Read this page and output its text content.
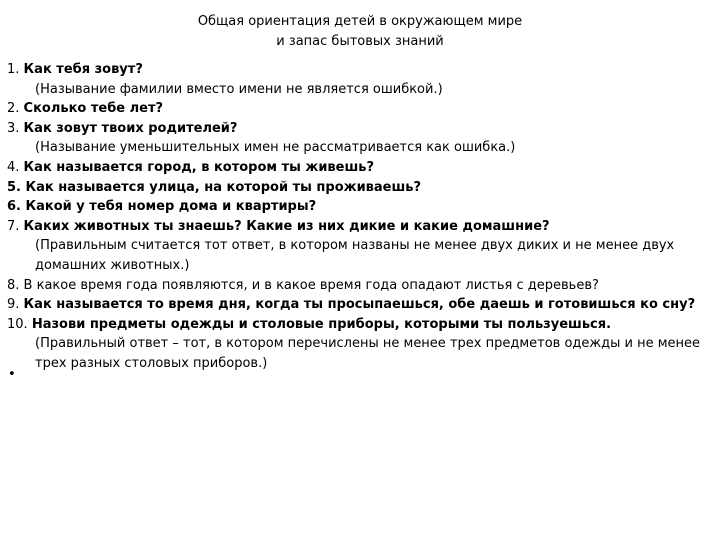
Общая ориентация детей в окружающем мире
и запас бытовых знаний
1. Как тебя зовут?
(Называние фамилии вместо имени не является ошибкой.)
2. Сколько тебе лет?
3. Как зовут твоих родителей?
(Называние уменьшительных имен не рассматривается как ошибка.)
4. Как называется город, в котором ты живешь?
5. Как называется улица, на которой ты проживаешь?
6. Какой у тебя номер дома и квартиры?
7. Каких животных ты знаешь? Какие из них дикие и какие домашние?
(Правильным считается тот ответ, в котором названы не менее двух диких и не менее двух
домашних животных.)
8. В какое время года появляются, и в какое время года опадают листья с деревьев?
9. Как называется то время дня, когда ты просыпаешься, обе даешь и готовишься ко сну?
10. Назови предметы одежды и столовые приборы, которыми ты пользуешься.
(Правильный ответ – тот, в котором перечислены не менее трех предметов одежды и не менее
трех разных столовых приборов.)
•
